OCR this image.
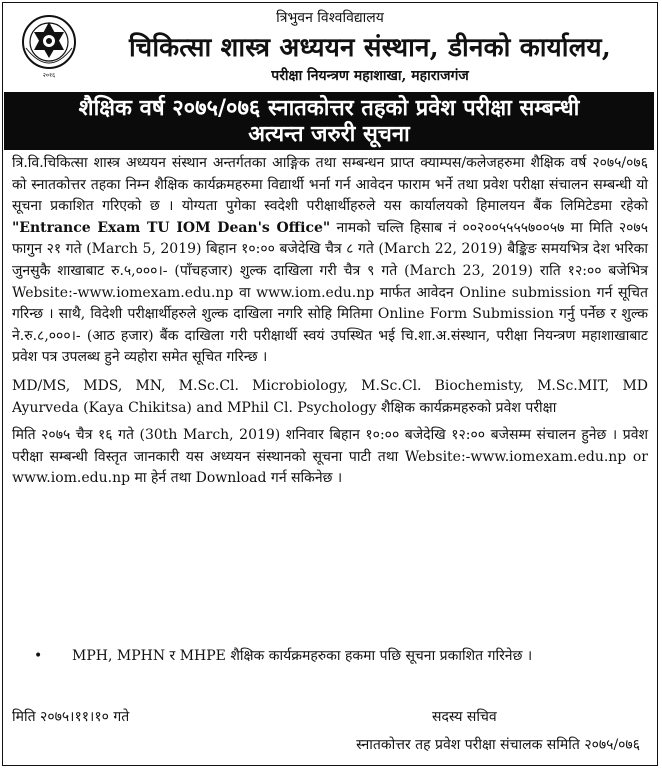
२०१६
त्रिभुवन विश्वविद्यालय
चिकित्सा शास्त्र अध्ययन संस्थान, डीनको कार्यालय,
परीक्षा नियन्त्रण महाशाखा, महाराजगंज
शैक्षिक वर्ष २०७५/०७६ स्नातकोत्तर तहको प्रवेश परीक्षा सम्बन्धी
अत्यन्त जरुरी सूचना

त्रि.वि.चिकित्सा शास्त्र अध्ययन संस्थान अन्तर्गतका आङ्गिक तथा सम्बन्धन प्राप्त क्याम्पस/कलेजहरुमा शैक्षिक वर्ष २०७५/०७६ को स्नातकोत्तर तहका निम्न शैक्षिक कार्यक्रमहरुमा विद्यार्थी भर्ना गर्न आवेदन फाराम भर्ने तथा प्रवेश परीक्षा संचालन सम्बन्धी यो सूचना प्रकाशित गरिएको छ । योग्यता पुगेका स्वदेशी परीक्षार्थीहरुले यस कार्यालयको हिमालयन बैंक लिमिटेडमा रहेको "Entrance Exam TU IOM Dean's Office" नामको चल्ति हिसाब नं ००२००५५५५७००५७ मा मिति २०७५ फागुन २१ गते (March 5, 2019) बिहान १०:०० बजेदेखि चैत्र ८ गते (March 22, 2019) बैङ्किङ समयभित्र देश भरिका जुनसुकै शाखाबाट रु.५,०००।- (पाँचहजार) शुल्क दाखिला गरी चैत्र ९ गते (March 23, 2019) राति १२:०० बजेभित्र Website:-www.iomexam.edu.np वा www.iom.edu.np मार्फत आवेदन Online submission गर्न सूचित गरिन्छ । साथै, विदेशी परीक्षार्थीहरुले शुल्क दाखिला नगरि सोहि मितिमा Online Form Submission गर्नु पर्नेछ र शुल्क ने.रु.८,०००।- (आठ हजार) बैंक दाखिला गरी परीक्षार्थी स्वयं उपस्थित भई चि.शा.अ.संस्थान, परीक्षा नियन्त्रण महाशाखाबाट प्रवेश पत्र उपलब्ध हुने व्यहोरा समेत सूचित गरिन्छ ।

MD/MS, MDS, MN, M.Sc.Cl. Microbiology, M.Sc.Cl. Biochemisty, M.Sc.MIT, MD Ayurveda (Kaya Chikitsa) and MPhil Cl. Psychology शैक्षिक कार्यक्रमहरुको प्रवेश परीक्षा

मिति २०७५ चैत्र १६ गते (30th March, 2019) शनिवार बिहान १०:०० बजेदेखि १२:०० बजेसम्म संचालन हुनेछ । प्रवेश परीक्षा सम्बन्धी विस्तृत जानकारी यस अध्ययन संस्थानको सूचना पाटी तथा Website:-www.iomexam.edu.np or www.iom.edu.np मा हेर्न तथा Download गर्न सकिनेछ ।

• MPH, MPHN र MHPE शैक्षिक कार्यक्रमहरुका हकमा पछि सूचना प्रकाशित गरिनेछ ।
मिति २०७५।११।१० गते	सदस्य सचिव
स्नातकोत्तर तह प्रवेश परीक्षा संचालक समिति २०७५/०७६
